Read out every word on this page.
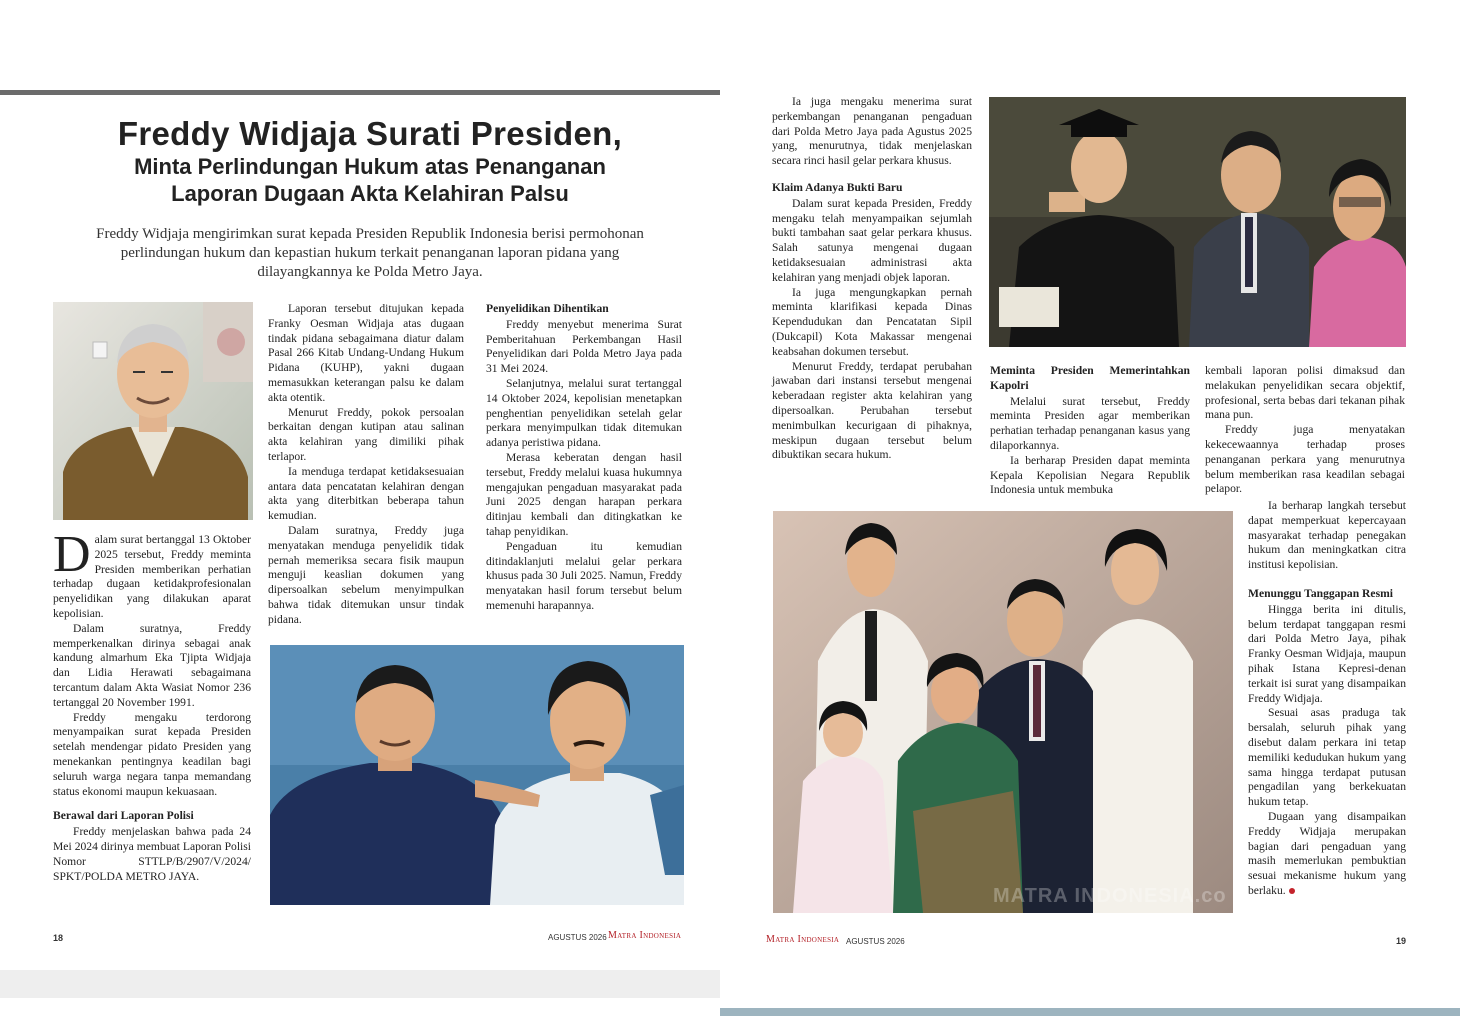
Freddy Widjaja Surati Presiden,
Minta Perlindungan Hukum atas Penanganan
Laporan Dugaan Akta Kelahiran Palsu
Freddy Widjaja mengirimkan surat kepada Presiden Republik Indonesia berisi permohonan perlindungan hukum dan kepastian hukum terkait penanganan laporan pidana yang dilayangkannya ke Polda Metro Jaya.

Dalam surat bertanggal 13 Oktober 2025 tersebut, Freddy meminta Presiden memberikan perhatian terhadap dugaan ketidakprofesionalan penyelidikan yang dilakukan aparat kepolisian.

Dalam suratnya, Freddy memperkenalkan dirinya sebagai anak kandung almarhum Eka Tjipta Widjaja dan Lidia Herawati sebagaimana tercantum dalam Akta Wasiat Nomor 236 tertanggal 20 November 1991.

Freddy mengaku terdorong menyampaikan surat kepada Presiden setelah mendengar pidato Presiden yang menekankan pentingnya keadilan bagi seluruh warga negara tanpa memandang status ekonomi maupun kekuasaan.

Berawal dari Laporan Polisi

Freddy menjelaskan bahwa pada 24 Mei 2024 dirinya membuat Laporan Polisi Nomor STTLP/B/2907/V/2024/ SPKT/POLDA METRO JAYA.

Laporan tersebut ditujukan kepada Franky Oesman Widjaja atas dugaan tindak pidana sebagaimana diatur dalam Pasal 266 Kitab Undang-Undang Hukum Pidana (KUHP), yakni dugaan memasukkan keterangan palsu ke dalam akta otentik.

Menurut Freddy, pokok persoalan berkaitan dengan kutipan atau salinan akta kelahiran yang dimiliki pihak terlapor.

Ia menduga terdapat ketidaksesuaian antara data pencatatan kelahiran dengan akta yang diterbitkan beberapa tahun kemudian.

Dalam suratnya, Freddy juga menyatakan menduga penyelidik tidak pernah memeriksa secara fisik maupun menguji keaslian dokumen yang dipersoalkan sebelum menyimpulkan bahwa tidak ditemukan unsur tindak pidana.

Penyelidikan Dihentikan

Freddy menyebut menerima Surat Pemberitahuan Perkembangan Hasil Penyelidikan dari Polda Metro Jaya pada 31 Mei 2024.

Selanjutnya, melalui surat tertanggal 14 Oktober 2024, kepolisian menetapkan penghentian penyelidikan setelah gelar perkara menyimpulkan tidak ditemukan adanya peristiwa pidana.

Merasa keberatan dengan hasil tersebut, Freddy melalui kuasa hukumnya mengajukan pengaduan masyarakat pada Juni 2025 dengan harapan perkara ditinjau kembali dan ditingkatkan ke tahap penyidikan.

Pengaduan itu kemudian ditindaklanjuti melalui gelar perkara khusus pada 30 Juli 2025. Namun, Freddy menyatakan hasil forum tersebut belum memenuhi harapannya.

18	AGUSTUS 2026 Matra Indonesia

Ia juga mengaku menerima surat perkembangan penanganan pengaduan dari Polda Metro Jaya pada Agustus 2025 yang, menurutnya, tidak menjelaskan secara rinci hasil gelar perkara khusus.

Klaim Adanya Bukti Baru

Dalam surat kepada Presiden, Freddy mengaku telah menyampaikan sejumlah bukti tambahan saat gelar perkara khusus. Salah satunya mengenai dugaan ketidaksesuaian administrasi akta kelahiran yang menjadi objek laporan.

Ia juga mengungkapkan pernah meminta klarifikasi kepada Dinas Kependudukan dan Pencatatan Sipil (Dukcapil) Kota Makassar mengenai keabsahan dokumen tersebut.

Menurut Freddy, terdapat perubahan jawaban dari instansi tersebut mengenai keberadaan register akta kelahiran yang dipersoalkan. Perubahan tersebut menimbulkan kecurigaan di pihaknya, meskipun dugaan tersebut belum dibuktikan secara hukum.

Meminta Presiden Memerintahkan Kapolri

Melalui surat tersebut, Freddy meminta Presiden agar memberikan perhatian terhadap penanganan kasus yang dilaporkannya.

Ia berharap Presiden dapat meminta Kepala Kepolisian Negara Republik Indonesia untuk membuka

kembali laporan polisi dimaksud dan melakukan penyelidikan secara objektif, profesional, serta bebas dari tekanan pihak mana pun.

Freddy juga menyatakan kekecewaannya terhadap proses penanganan perkara yang menurutnya belum memberikan rasa keadilan sebagai pelapor.

Ia berharap langkah tersebut dapat memperkuat kepercayaan masyarakat terhadap penegakan hukum dan meningkatkan citra institusi kepolisian.

Menunggu Tanggapan Resmi

Hingga berita ini ditulis, belum terdapat tanggapan resmi dari Polda Metro Jaya, pihak Franky Oesman Widjaja, maupun pihak Istana Kepresi-denan terkait isi surat yang disampaikan Freddy Widjaja.

Sesuai asas praduga tak bersalah, seluruh pihak yang disebut dalam perkara ini tetap memiliki kedudukan hukum yang sama hingga terdapat putusan pengadilan yang berkekuatan hukum tetap.

Dugaan yang disampaikan Freddy Widjaja merupakan bagian dari pengaduan yang masih memerlukan pembuktian sesuai mekanisme hukum yang berlaku.

MATRA INDONESIA.co
Matra Indonesia AGUSTUS 2026	19
